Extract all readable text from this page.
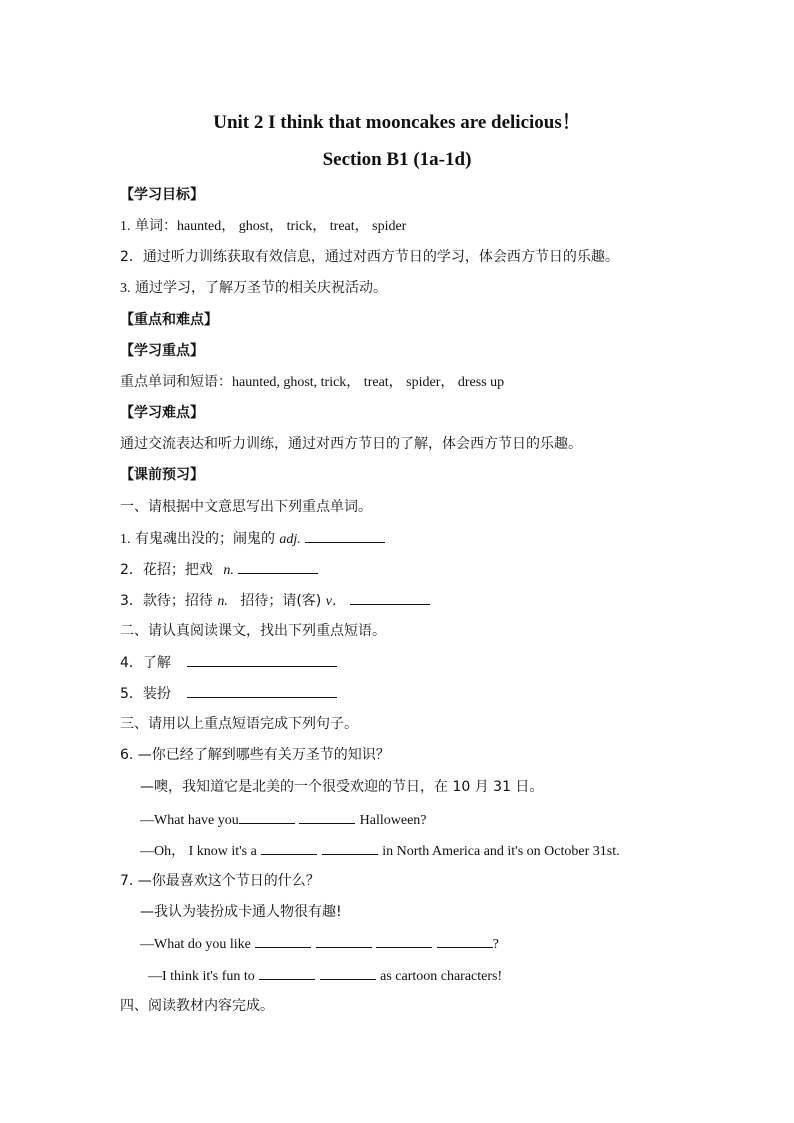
Unit 2 I think that mooncakes are delicious！
Section B1 (1a-1d)
【学习目标】
1. 单词：haunted， ghost， trick， treat， spider
2．通过听力训练获取有效信息，通过对西方节日的学习，体会西方节日的乐趣。
3. 通过学习，了解万圣节的相关庆祝活动。
【重点和难点】
【学习重点】
重点单词和短语：haunted, ghost, trick， treat， spider， dress up
【学习难点】
通过交流表达和听力训练，通过对西方节日的了解，体会西方节日的乐趣。
【课前预习】
一、请根据中文意思写出下列重点单词。
1. 有鬼魂出没的；闹鬼的 adj.
2．花招；把戏 n.
3．款待；招待 n. 招待；请(客) v．
二、请认真阅读课文，找出下列重点短语。
4．了解
5．装扮
三、请用以上重点短语完成下列句子。
6. —你已经了解到哪些有关万圣节的知识？
—噢，我知道它是北美的一个很受欢迎的节日，在 10 月 31 日。
—What have you	Halloween?
—Oh， I know it's a	in North America and it's on October 31st.
7. —你最喜欢这个节日的什么？
—我认为装扮成卡通人物很有趣!
—What do you like	?
—I think it's fun to	as cartoon characters!
四、阅读教材内容完成。
